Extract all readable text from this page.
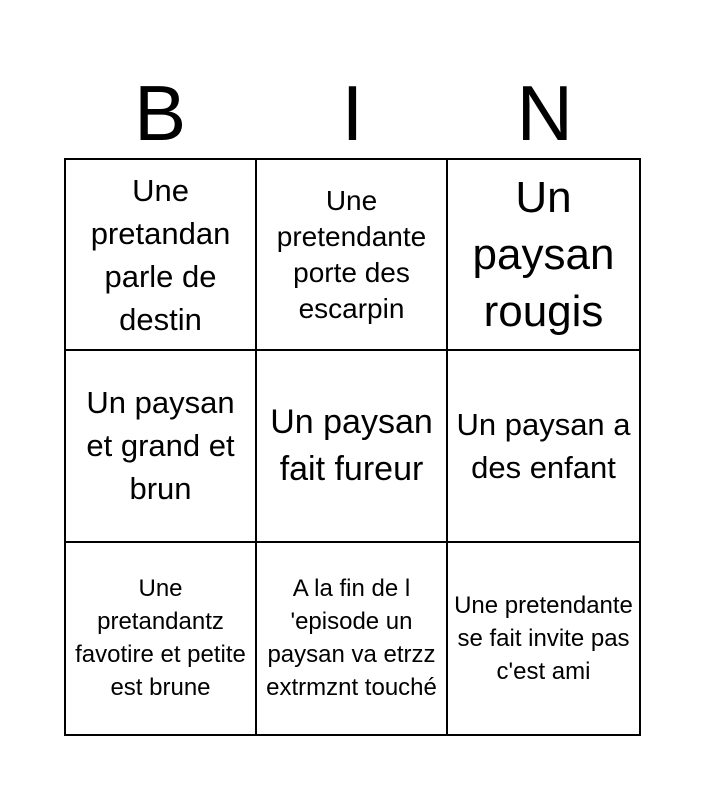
B	I	N
Une pretandan parle de destin
Une pretendante porte des escarpin
Un paysan rougis
Un paysan et grand et brun
Un paysan fait fureur
Un paysan a des enfant
Une pretandantz favotire et petite est brune
A la fin de l 'episode un paysan va etrzz extrmznt touché
Une pretendante se fait invite pas c'est ami
